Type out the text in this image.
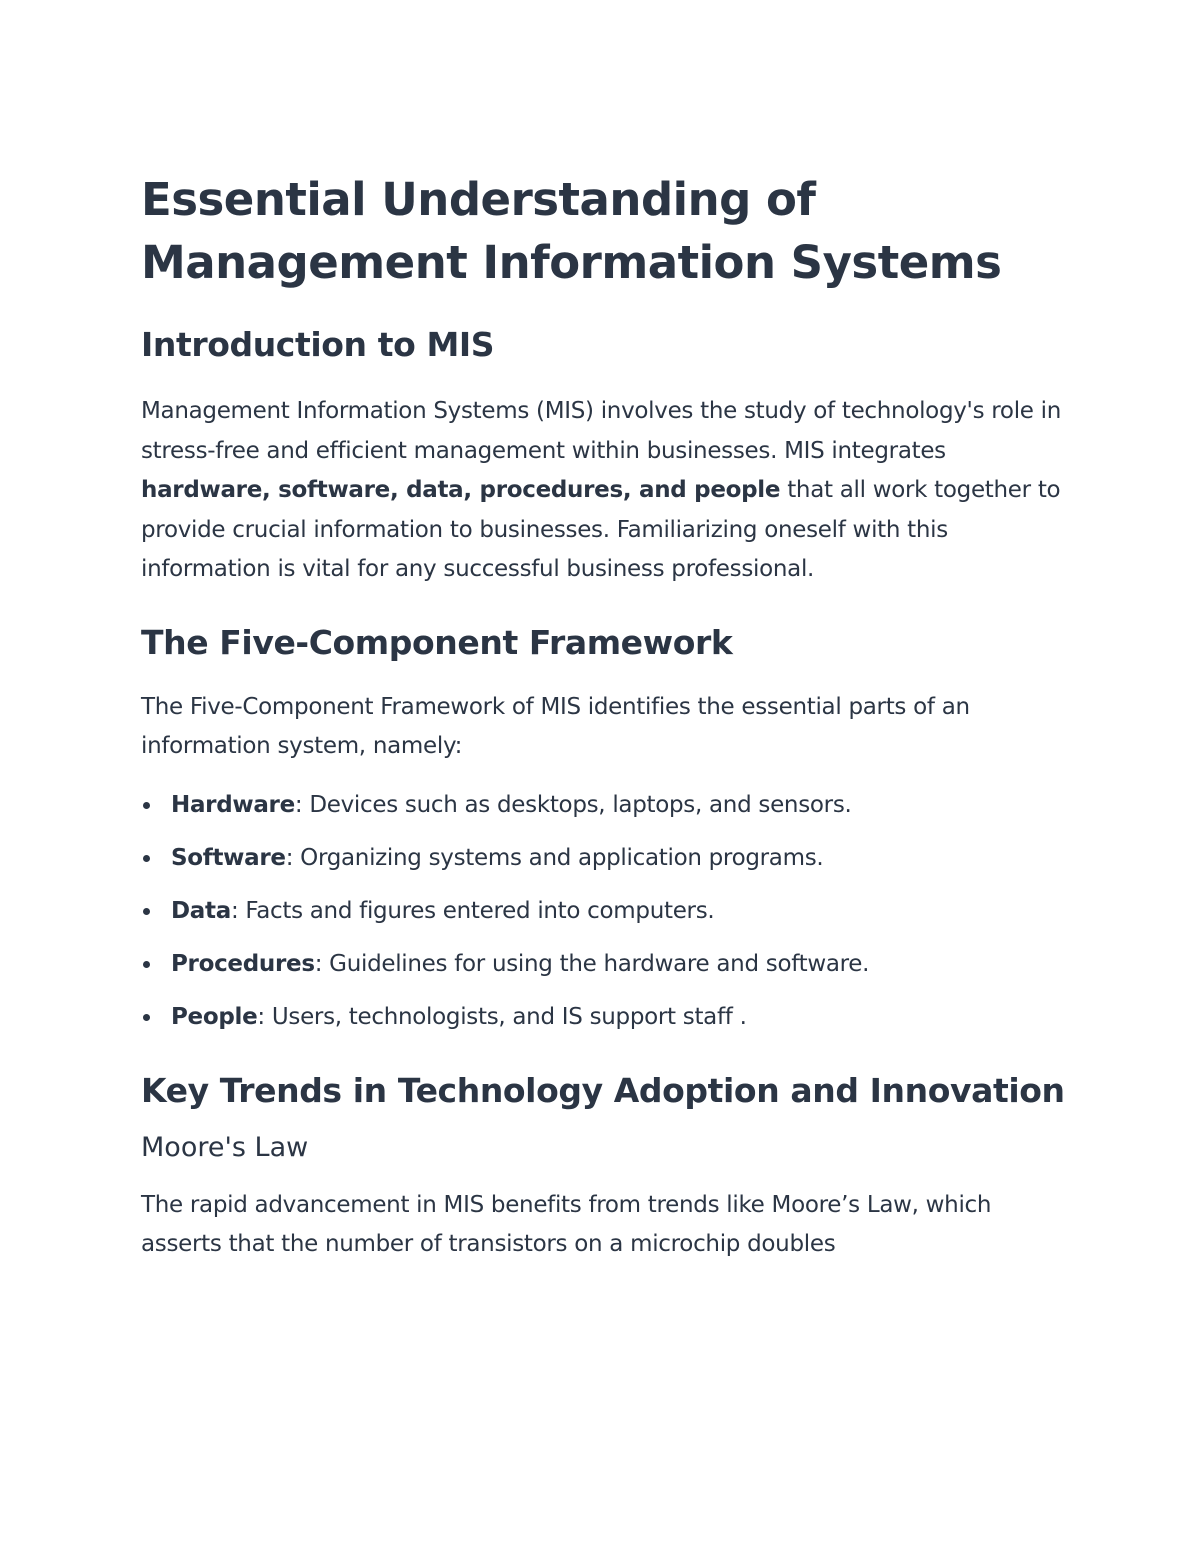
Essential Understanding of Management Information Systems
Introduction to MIS

Management Information Systems (MIS) involves the study of technology's role in stress-free and efficient management within businesses. MIS integrates hardware, software, data, procedures, and people that all work together to provide crucial information to businesses. Familiarizing oneself with this information is vital for any successful business professional.

The Five-Component Framework

The Five-Component Framework of MIS identifies the essential parts of an information system, namely:

Hardware: Devices such as desktops, laptops, and sensors.
Software: Organizing systems and application programs.
Data: Facts and figures entered into computers.
Procedures: Guidelines for using the hardware and software.
People: Users, technologists, and IS support staff .
Key Trends in Technology Adoption and Innovation
Moore's Law

The rapid advancement in MIS benefits from trends like Moore’s Law, which asserts that the number of transistors on a microchip doubles
